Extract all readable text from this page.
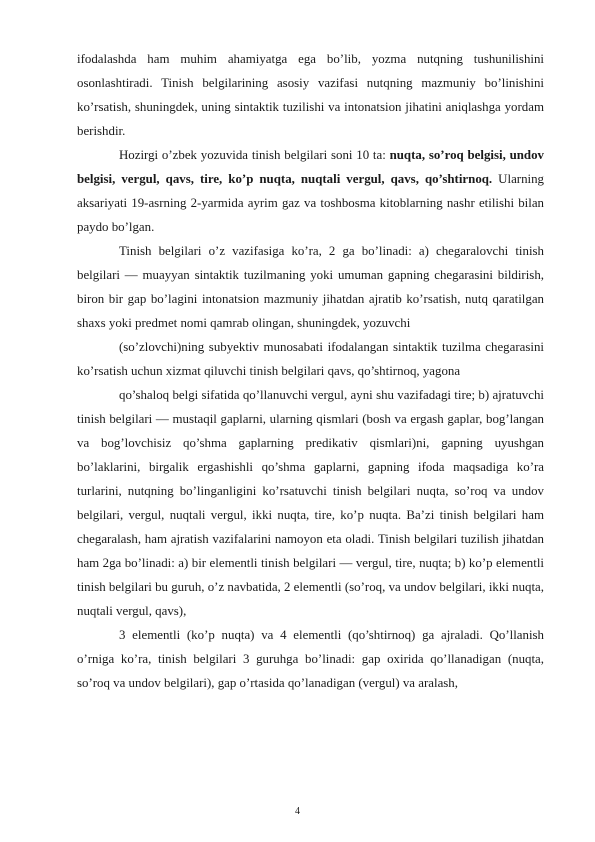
ifodalashda ham muhim ahamiyatga ega bo’lib, yozma nutqning tushunilishini osonlashtiradi. Tinish belgilarining asosiy vazifasi nutqning mazmuniy bo’linishini ko’rsatish, shuningdek, uning sintaktik tuzilishi va intonatsion jihatini aniqlashga yordam berishdir.

Hozirgi o’zbek yozuvida tinish belgilari soni 10 ta: nuqta, so’roq belgisi, undov belgisi, vergul, qavs, tire, ko’p nuqta, nuqtali vergul, qavs, qo’shtirnoq. Ularning aksariyati 19-asrning 2-yarmida ayrim gaz va toshbosma kitoblarning nashr etilishi bilan paydo bo’lgan.

Tinish belgilari o’z vazifasiga ko’ra, 2 ga bo’linadi: a) chegaralovchi tinish belgilari — muayyan sintaktik tuzilmaning yoki umuman gapning chegarasini bildirish, biron bir gap bo’lagini intonatsion mazmuniy jihatdan ajratib ko’rsatish, nutq qaratilgan shaxs yoki predmet nomi qamrab olingan, shuningdek, yozuvchi

(so’zlovchi)ning subyektiv munosabati ifodalangan sintaktik tuzilma chegarasini ko’rsatish uchun xizmat qiluvchi tinish belgilari qavs, qo’shtirnoq, yagona

qo’shaloq belgi sifatida qo’llanuvchi vergul, ayni shu vazifadagi tire; b) ajratuvchi tinish belgilari — mustaqil gaplarni, ularning qismlari (bosh va ergash gaplar, bog’langan va bog’lovchisiz qo’shma gaplarning predikativ qismlari)ni, gapning uyushgan bo’laklarini, birgalik ergashishli qo’shma gaplarni, gapning ifoda maqsadiga ko’ra turlarini, nutqning bo’linganligini ko’rsatuvchi tinish belgilari nuqta, so’roq va undov belgilari, vergul, nuqtali vergul, ikki nuqta, tire, ko’p nuqta. Ba’zi tinish belgilari ham chegaralash, ham ajratish vazifalarini namoyon eta oladi. Tinish belgilari tuzilish jihatdan ham 2ga bo’linadi: a) bir elementli tinish belgilari — vergul, tire, nuqta; b) ko’p elementli tinish belgilari bu guruh, o’z navbatida, 2 elementli (so’roq, va undov belgilari, ikki nuqta, nuqtali vergul, qavs),

3 elementli (ko’p nuqta) va 4 elementli (qo’shtirnoq) ga ajraladi. Qo’llanish o’rniga ko’ra, tinish belgilari 3 guruhga bo’linadi: gap oxirida qo’llanadigan (nuqta, so’roq va undov belgilari), gap o’rtasida qo’lanadigan (vergul) va aralash,

4
